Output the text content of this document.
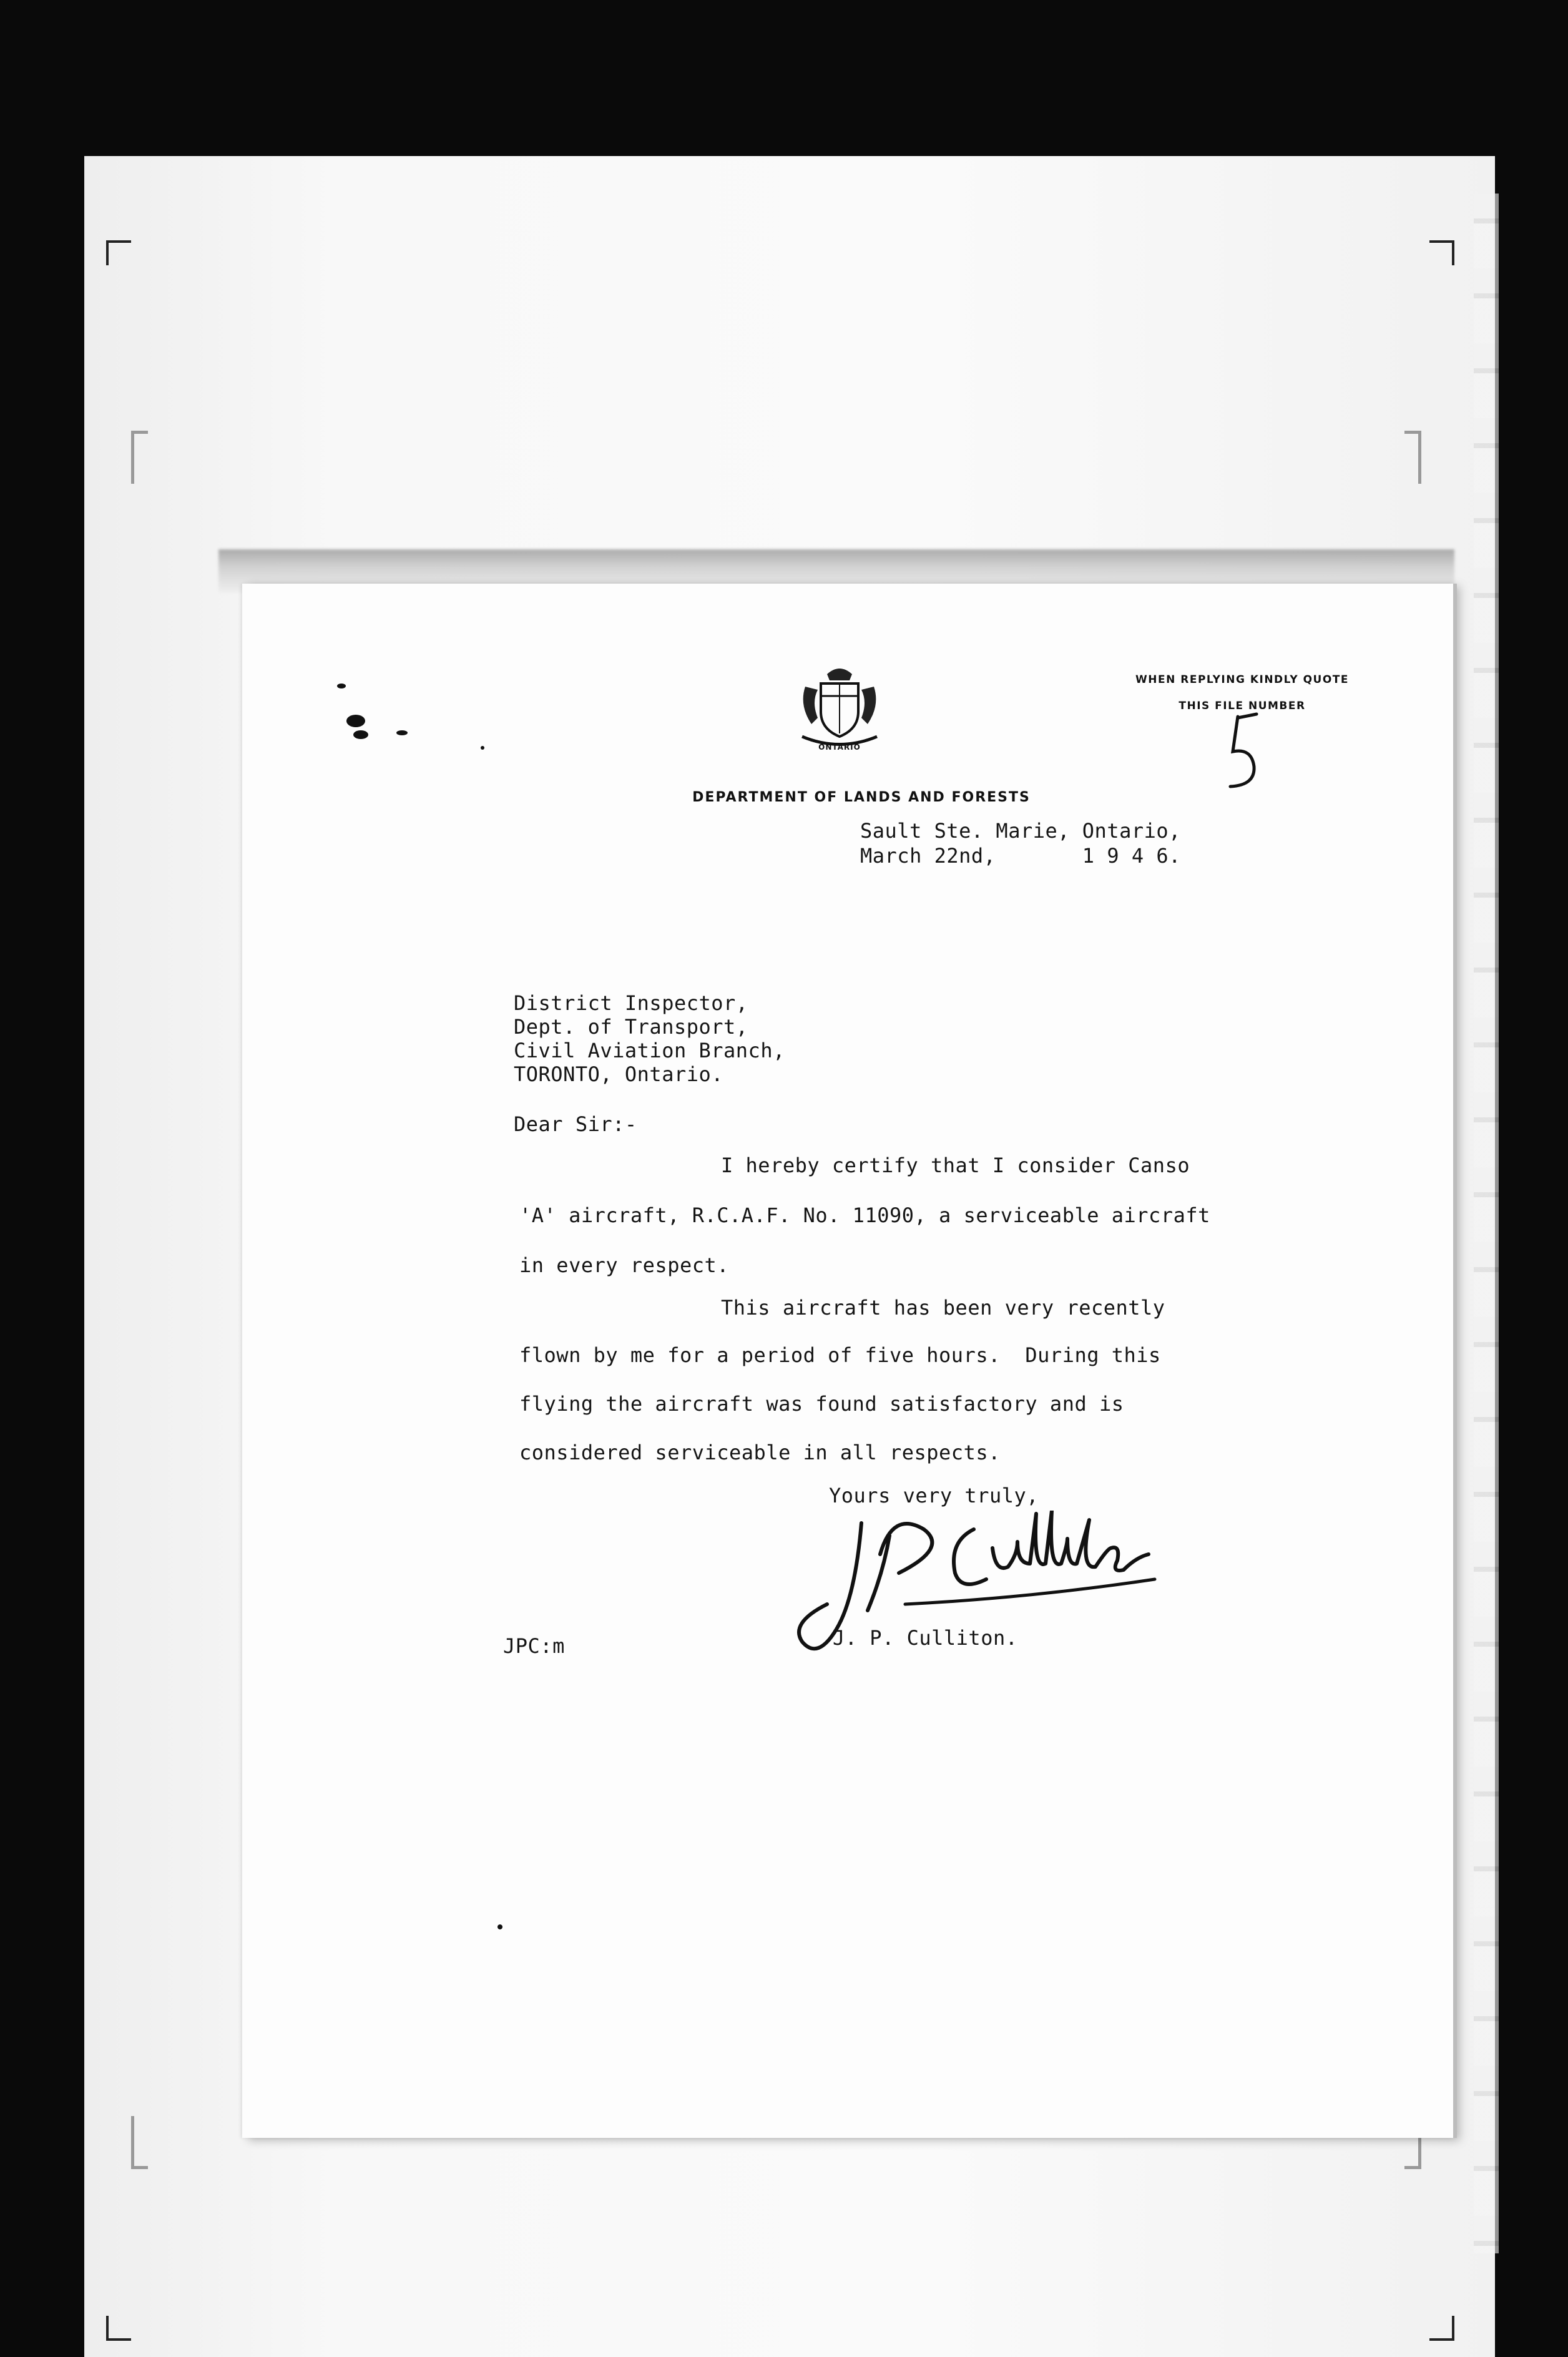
ONTARIO
WHEN REPLYING KINDLY QUOTE
THIS FILE NUMBER
DEPARTMENT OF LANDS AND FORESTS
Sault Ste. Marie, Ontario,
March 22nd,       1 9 4 6.
District Inspector,
Dept. of Transport,
Civil Aviation Branch,
TORONTO, Ontario.
Dear Sir:-
I hereby certify that I consider Canso
'A' aircraft, R.C.A.F. No. 11090, a serviceable aircraft
in every respect.
This aircraft has been very recently
flown by me for a period of five hours.  During this
flying the aircraft was found satisfactory and is
considered serviceable in all respects.
Yours very truly,
J. P. Culliton.
JPC:m
